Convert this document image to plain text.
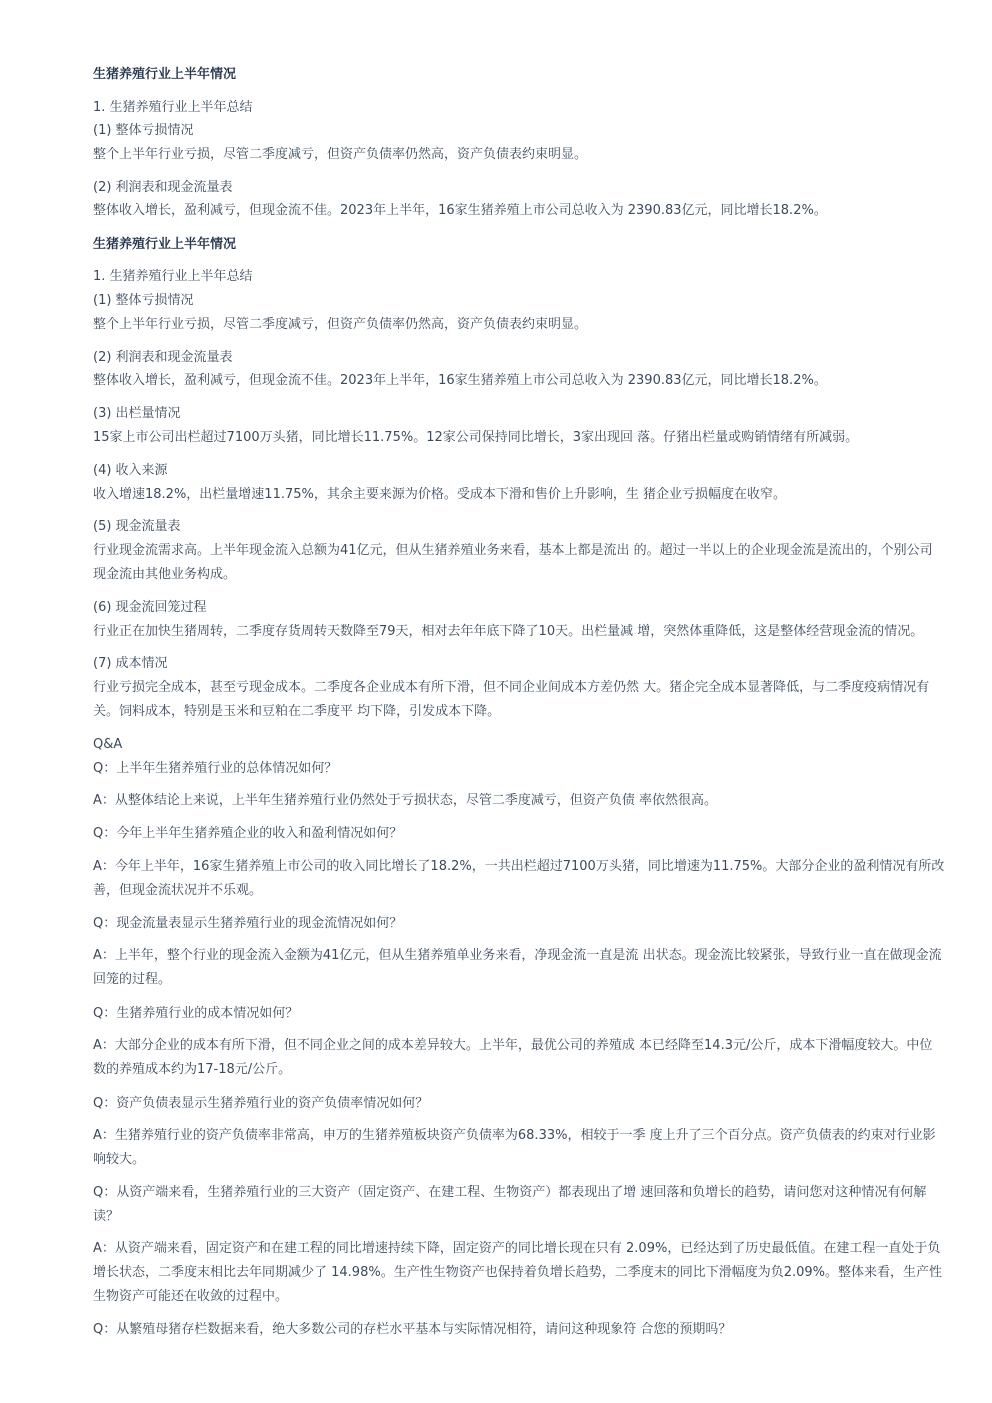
生猪养殖行业上半年情况

1. 生猪养殖行业上半年总结

(1) 整体亏损情况

整个上半年行业亏损，尽管二季度减亏，但资产负债率仍然高，资产负债表约束明显。

(2) 利润表和现金流量表

整体收入增长，盈利减亏，但现金流不佳。2023年上半年，16家生猪养殖上市公司总收入为 2390.83亿元，同比增长18.2%。

生猪养殖行业上半年情况

1. 生猪养殖行业上半年总结

(1) 整体亏损情况

整个上半年行业亏损，尽管二季度减亏，但资产负债率仍然高，资产负债表约束明显。

(2) 利润表和现金流量表

整体收入增长，盈利减亏，但现金流不佳。2023年上半年，16家生猪养殖上市公司总收入为 2390.83亿元，同比增长18.2%。

(3) 出栏量情况

15家上市公司出栏超过7100万头猪，同比增长11.75%。12家公司保持同比增长，3家出现回 落。仔猪出栏量或购销情绪有所减弱。

(4) 收入来源

收入增速18.2%，出栏量增速11.75%，其余主要来源为价格。受成本下滑和售价上升影响，生 猪企业亏损幅度在收窄。

(5) 现金流量表

行业现金流需求高。上半年现金流入总额为41亿元，但从生猪养殖业务来看，基本上都是流出 的。超过一半以上的企业现金流是流出的，个别公司现金流由其他业务构成。

(6) 现金流回笼过程

行业正在加快生猪周转，二季度存货周转天数降至79天，相对去年年底下降了10天。出栏量减 增，突然体重降低，这是整体经营现金流的情况。

(7) 成本情况

行业亏损完全成本，甚至亏现金成本。二季度各企业成本有所下滑，但不同企业间成本方差仍然 大。猪企完全成本显著降低，与二季度疫病情况有关。饲料成本，特别是玉米和豆粕在二季度平 均下降，引发成本下降。

Q&A

Q：上半年生猪养殖行业的总体情况如何？

A：从整体结论上来说，上半年生猪养殖行业仍然处于亏损状态，尽管二季度减亏，但资产负债 率依然很高。

Q：今年上半年生猪养殖企业的收入和盈利情况如何？

A：今年上半年，16家生猪养殖上市公司的收入同比增长了18.2%，一共出栏超过7100万头猪，同比增速为11.75%。大部分企业的盈利情况有所改善，但现金流状况并不乐观。

Q：现金流量表显示生猪养殖行业的现金流情况如何？

A：上半年，整个行业的现金流入金额为41亿元，但从生猪养殖单业务来看，净现金流一直是流 出状态。现金流比较紧张，导致行业一直在做现金流回笼的过程。

Q：生猪养殖行业的成本情况如何？

A：大部分企业的成本有所下滑，但不同企业之间的成本差异较大。上半年，最优公司的养殖成 本已经降至14.3元/公斤，成本下滑幅度较大。中位数的养殖成本约为17-18元/公斤。

Q：资产负债表显示生猪养殖行业的资产负债率情况如何？

A：生猪养殖行业的资产负债率非常高，申万的生猪养殖板块资产负债率为68.33%，相较于一季 度上升了三个百分点。资产负债表的约束对行业影响较大。

Q：从资产端来看，生猪养殖行业的三大资产（固定资产、在建工程、生物资产）都表现出了增 速回落和负增长的趋势，请问您对这种情况有何解读？

A：从资产端来看，固定资产和在建工程的同比增速持续下降，固定资产的同比增长现在只有 2.09%，已经达到了历史最低值。在建工程一直处于负增长状态，二季度末相比去年同期减少了 14.98%。生产性生物资产也保持着负增长趋势，二季度末的同比下滑幅度为负2.09%。整体来看，生产性生物资产可能还在收敛的过程中。

Q：从繁殖母猪存栏数据来看，绝大多数公司的存栏水平基本与实际情况相符，请问这种现象符 合您的预期吗？
